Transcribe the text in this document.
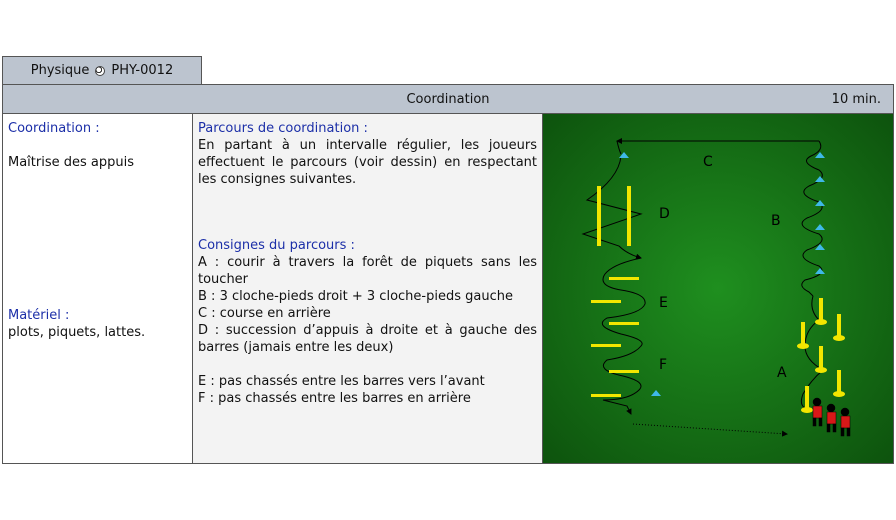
Physique PHY-0012
Coordination	10 min.

Coordination :

Maîtrise des appuis

Matériel :

plots, piquets, lattes.

Parcours de coordination :

En partant à un intervalle régulier, les joueurs effectuent le parcours (voir dessin) en respectant les consignes suivantes.

Consignes du parcours :

A : courir à travers la forêt de piquets sans les toucher

B : 3 cloche-pieds droit + 3 cloche-pieds gauche

C : course en arrière

D : succession d’appuis à droite et à gauche des barres (jamais entre les deux)

E : pas chassés entre les barres vers l’avant

F : pas chassés entre les barres en arrière

C
B
D
E
F	A
